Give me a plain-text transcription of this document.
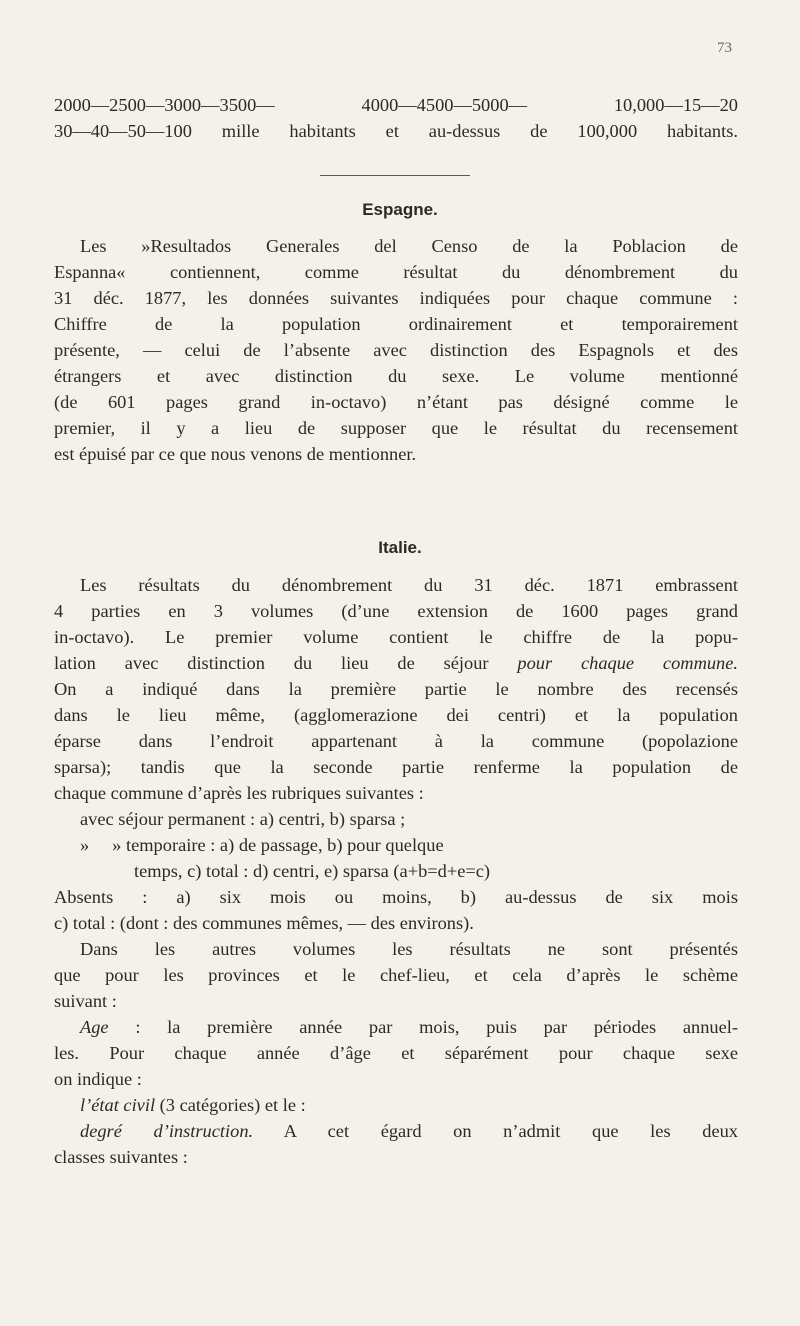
73
2000—2500—3000—3500— 4000—4500—5000— 10,000—15—20
30—40—50—100 mille habitants et au-dessus de 100,000 habitants.
Espagne.
Les »Resultados Generales del Censo de la Poblacion de
Espanna« contiennent, comme résultat du dénombrement du
31 déc. 1877, les données suivantes indiquées pour chaque commune :
Chiffre de la population ordinairement et temporairement
présente, — celui de l’absente avec distinction des Espagnols et des
étrangers et avec distinction du sexe. Le volume mentionné
(de 601 pages grand in-octavo) n’étant pas désigné comme le
premier, il y a lieu de supposer que le résultat du recensement
est épuisé par ce que nous venons de mentionner.
Italie.
Les résultats du dénombrement du 31 déc. 1871 embrassent
4 parties en 3 volumes (d’une extension de 1600 pages grand
in-octavo). Le premier volume contient le chiffre de la popu-
lation avec distinction du lieu de séjour pour chaque commune.
On a indiqué dans la première partie le nombre des recensés
dans le lieu même, (agglomerazione dei centri) et la population
éparse dans l’endroit appartenant à la commune (popolazione
sparsa); tandis que la seconde partie renferme la population de
chaque commune d’après les rubriques suivantes :
avec séjour permanent : a) centri, b) sparsa ;
»     » temporaire : a) de passage, b) pour quelque
temps, c) total : d) centri, e) sparsa (a+b=d+e=c)
Absents : a) six mois ou moins, b) au-dessus de six mois
c) total : (dont : des communes mêmes, — des environs).
Dans les autres volumes les résultats ne sont présentés
que pour les provinces et le chef-lieu, et cela d’après le schème
suivant :
Age : la première année par mois, puis par périodes annuel-
les. Pour chaque année d’âge et séparément pour chaque sexe
on indique :
l’état civil (3 catégories) et le :
degré d’instruction. A cet égard on n’admit que les deux
classes suivantes :
